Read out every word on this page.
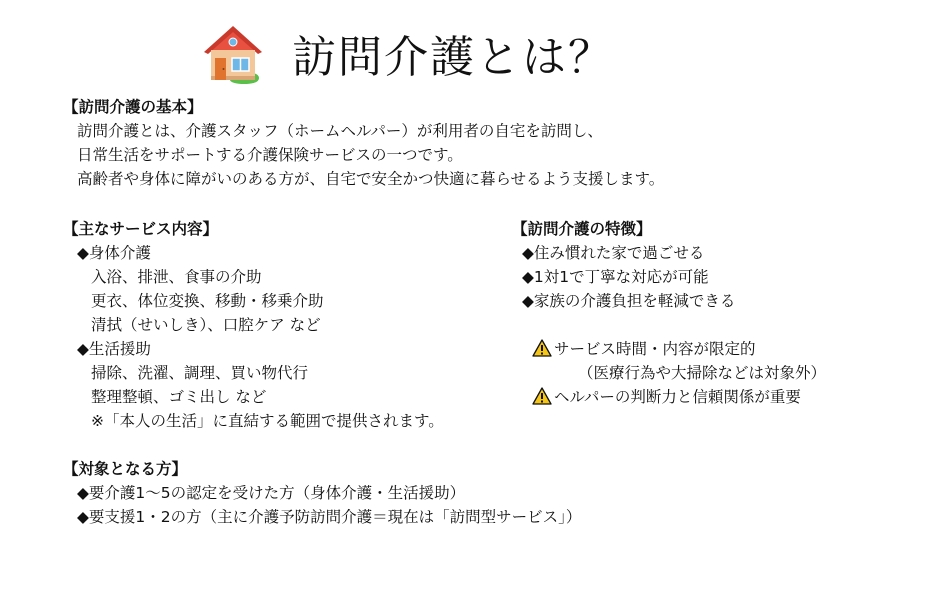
訪問介護とは？
【訪問介護の基本】
訪問介護とは、介護スタッフ（ホームヘルパー）が利用者の自宅を訪問し、
日常生活をサポートする介護保険サービスの一つです。
高齢者や身体に障がいのある方が、自宅で安全かつ快適に暮らせるよう支援します。
【主なサービス内容】
◆身体介護
入浴、排泄、食事の介助
更衣、体位変換、移動・移乗介助
清拭（せいしき）、口腔ケア など
◆生活援助
掃除、洗濯、調理、買い物代行
整理整頓、ゴミ出し など
※「本人の生活」に直結する範囲で提供されます。
【訪問介護の特徴】
◆住み慣れた家で過ごせる
◆1対1で丁寧な対応が可能
◆家族の介護負担を軽減できる
サービス時間・内容が限定的
（医療行為や大掃除などは対象外）
ヘルパーの判断力と信頼関係が重要
【対象となる方】
◆要介護1〜5の認定を受けた方（身体介護・生活援助）
◆要支援1・2の方（主に介護予防訪問介護＝現在は「訪問型サービス」）
